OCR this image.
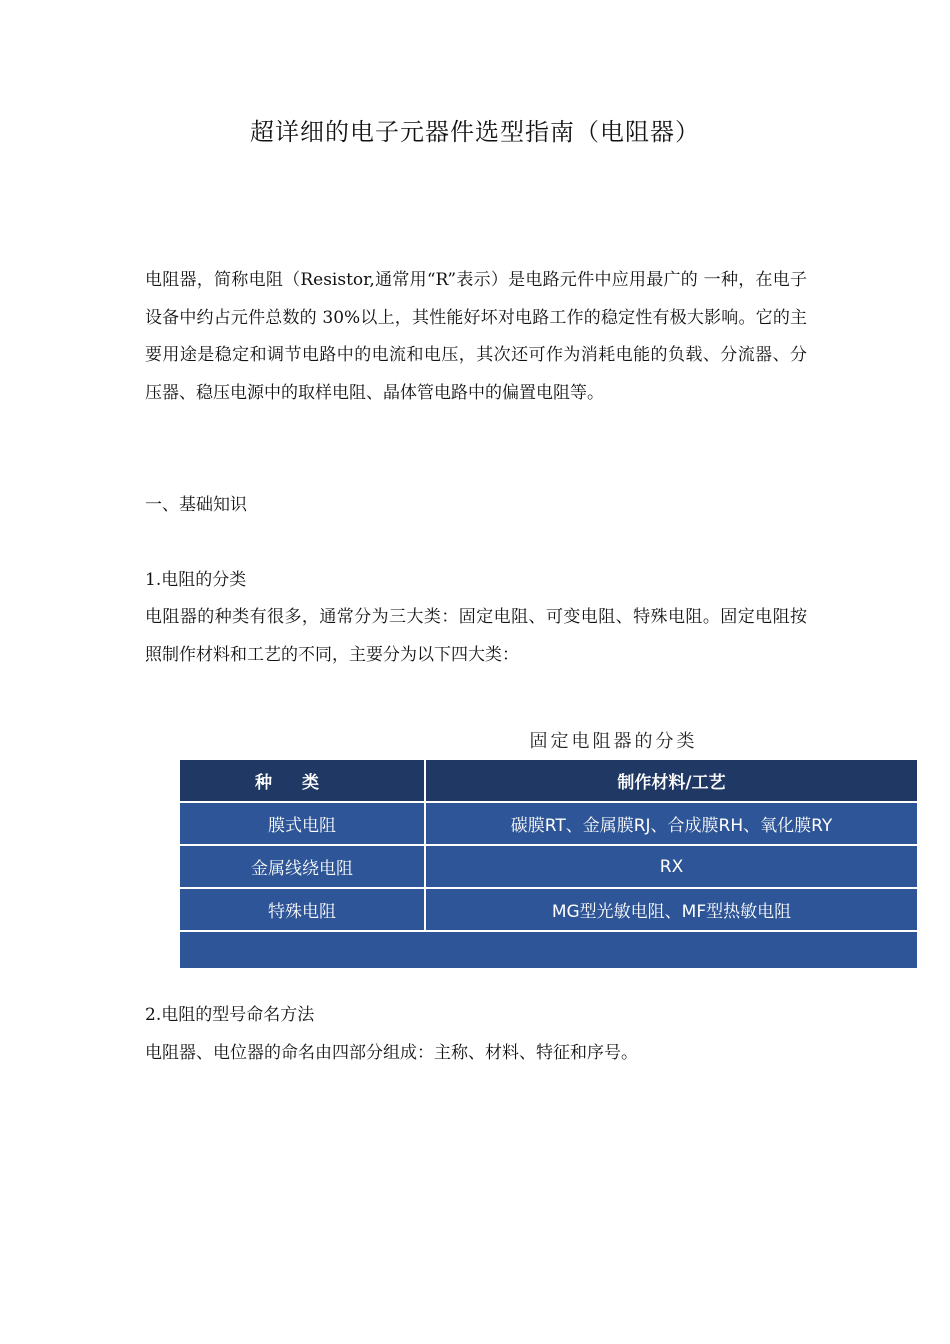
超详细的电子元器件选型指南（电阻器）
电阻器，简称电阻（Resistor,通常用“R”表示）是电路元件中应用最广的 一种，在电子设备中约占元件总数的 30%以上，其性能好坏对电路工作的稳定性有极大影响。它的主要用途是稳定和调节电路中的电流和电压，其次还可作为消耗电能的负载、分流器、分压器、稳压电源中的取样电阻、晶体管电路中的偏置电阻等。
一、基础知识
1.电阻的分类
电阻器的种类有很多，通常分为三大类：固定电阻、可变电阻、特殊电阻。固定电阻按照制作材料和工艺的不同，主要分为以下四大类：
固定电阻器的分类
种类	制作材料/工艺
膜式电阻	碳膜RT、金属膜RJ、合成膜RH、氧化膜RY
金属线绕电阻	RX
特殊电阻	MG型光敏电阻、MF型热敏电阻

2.电阻的型号命名方法
电阻器、电位器的命名由四部分组成：主称、材料、特征和序号。
